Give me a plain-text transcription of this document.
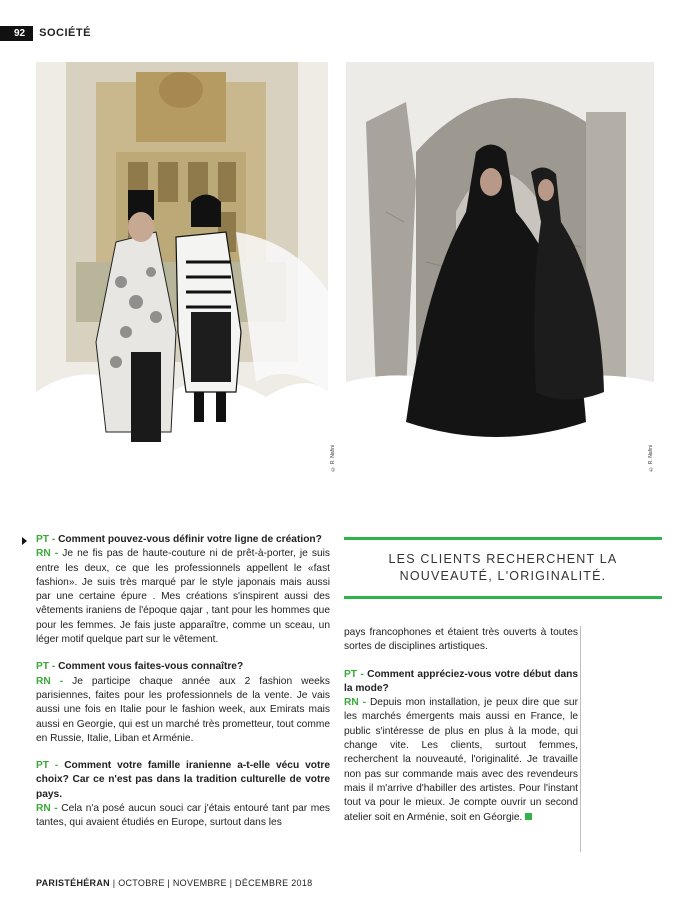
92	SOCIÉTÉ
© R. Nafini	© R. Nafini

PT - Comment pouvez-vous définir votre ligne de création?
RN - Je ne fis pas de haute-couture ni de prêt-à-porter, je suis entre les deux, ce que les professionnels appellent le «fast fashion». Je suis très marqué par le style japonais mais aussi par une certaine épure . Mes créations s'inspirent aussi des vêtements iraniens de l'époque qajar , tant pour les hommes que pour les femmes. Je fais juste apparaître, comme un sceau, un léger motif quelque part sur le vêtement.

PT - Comment vous faites-vous connaître?
RN - Je participe chaque année aux 2 fashion weeks parisiennes, faites pour les professionnels de la vente. Je vais aussi une fois en Italie pour le fashion week, aux Emirats mais aussi en Georgie, qui est un marché très prometteur, tout comme en Russie, Italie, Liban et Arménie.

PT - Comment votre famille iranienne a-t-elle vécu votre choix? Car ce n'est pas dans la tradition culturelle de votre pays.
RN - Cela n'a posé aucun souci car j'étais entouré tant par mes tantes, qui avaient étudiés en Europe, surtout dans les

LES CLIENTS RECHERCHENT LA
NOUVEAUTÉ, L'ORIGINALITÉ.

pays francophones et étaient très ouverts à toutes sortes de disciplines artistiques.

PT - Comment appréciez-vous votre début dans la mode?
RN - Depuis mon installation, je peux dire que sur les marchés émergents mais aussi en France, le public s'intéresse de plus en plus à la mode, qui change vite. Les clients, surtout femmes, recherchent la nouveauté, l'originalité. Je travaille non pas sur commande mais avec des revendeurs mais il m'arrive d'habiller des artistes. Pour l'instant tout va pour le mieux. Je compte ouvrir un second atelier soit en Arménie, soit en Géorgie.

PARISTÉHÉRAN | OCTOBRE | NOVEMBRE | DÉCEMBRE 2018
